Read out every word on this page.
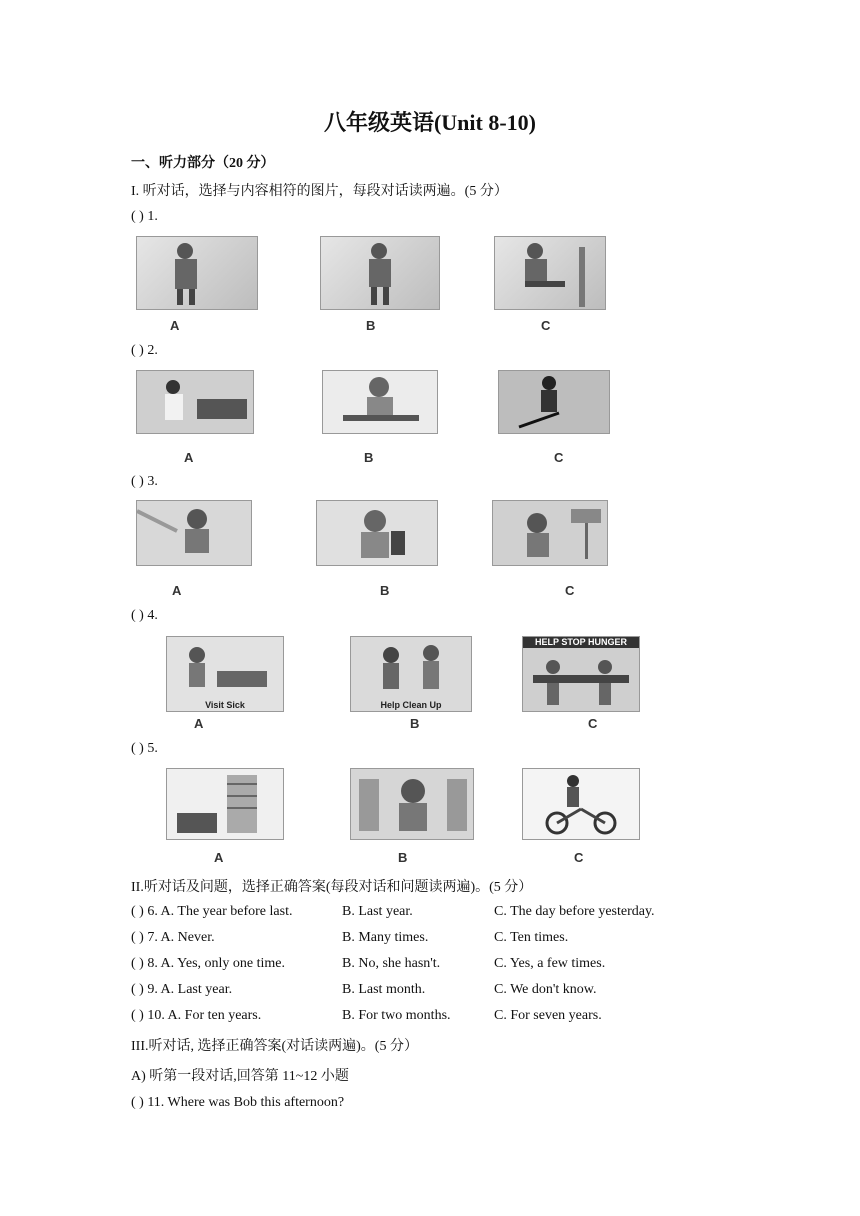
八年级英语(Unit 8-10)
一、听力部分（20 分）
I. 听对话，选择与内容相符的图片，每段对话读两遍。(5 分）
( ) 1.
A	B	C
( ) 2.
A	B	C
( ) 3.
A	B	C
( ) 4.
Visit Sick
A
Help Clean Up
B
HELP STOP HUNGER
C
( ) 5.
A	B	C
II.听对话及问题，选择正确答案(每段对话和问题读两遍)。(5 分）
( ) 6. A. The year before last.	B. Last year.	C. The day before yesterday.
( ) 7. A. Never.	B. Many times.	C. Ten times.
( ) 8. A. Yes, only one time.	B. No, she hasn't.	C. Yes, a few times.
( ) 9. A. Last year.	B. Last month.	C. We don't know.
( ) 10. A. For ten years.	B. For two months.	C. For seven years.
III.听对话, 选择正确答案(对话读两遍)。(5 分）
A) 听第一段对话,回答第 11~12 小题
( ) 11. Where was Bob this afternoon?
